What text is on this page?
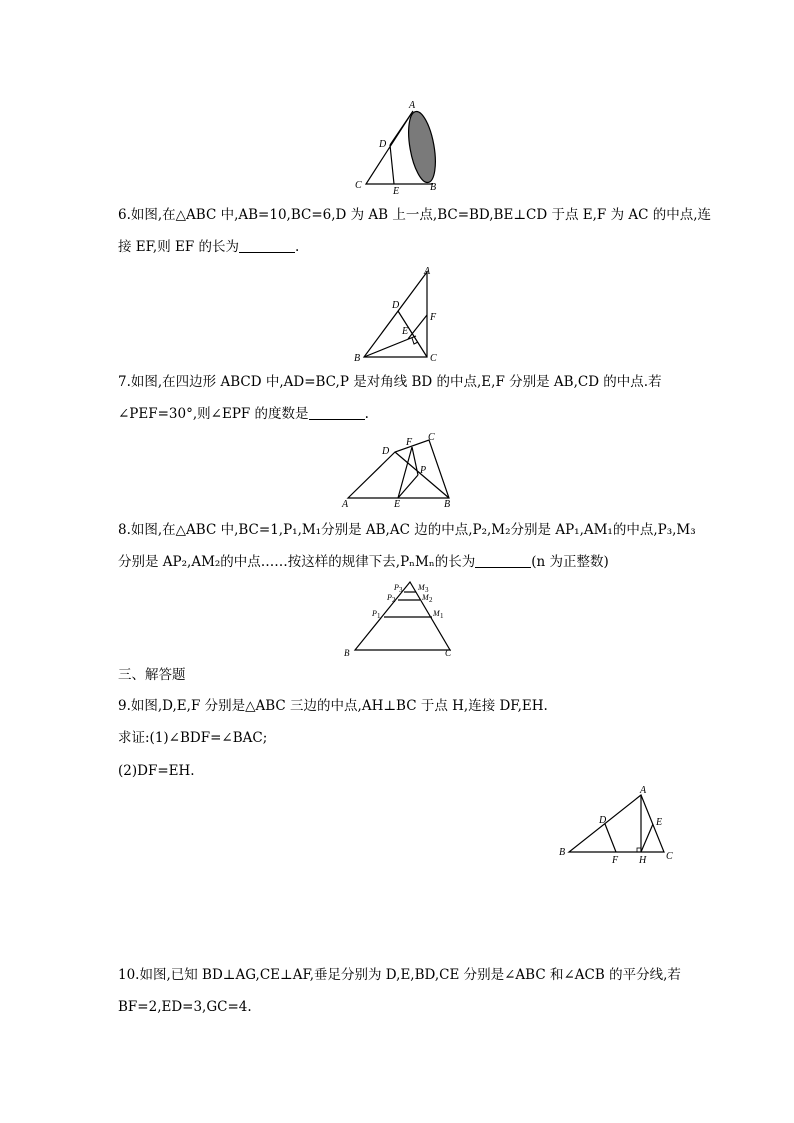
A
D
C
E	B
6.如图,在△ABC 中,AB=10,BC=6,D 为 AB 上一点,BC=BD,BE⊥CD 于点 E,F 为 AC 的中点,连
接 EF,则 EF 的长为	.
A
D
F
E
B	C
7.如图,在四边形 ABCD 中,AD=BC,P 是对角线 BD 的中点,E,F 分别是 AB,CD 的中点.若
∠PEF=30°,则∠EPF 的度数是	.
D
F C
P
A	E	B
8.如图,在△ABC 中,BC=1,P₁,M₁分别是 AB,AC 边的中点,P₂,M₂分别是 AP₁,AM₁的中点,P₃,M₃
分别是 AP₂,AM₂的中点……按这样的规律下去,PₙMₙ的长为	(n 为正整数)
P 3 M 3
P 2	M 2
P 1	M 1
B	C
三、解答题
9.如图,D,E,F 分别是△ABC 三边的中点,AH⊥BC 于点 H,连接 DF,EH.
求证:(1)∠BDF=∠BAC;
(2)DF=EH.
A
D	E
B
F H C
10.如图,已知 BD⊥AG,CE⊥AF,垂足分别为 D,E,BD,CE 分别是∠ABC 和∠ACB 的平分线,若
BF=2,ED=3,GC=4.
